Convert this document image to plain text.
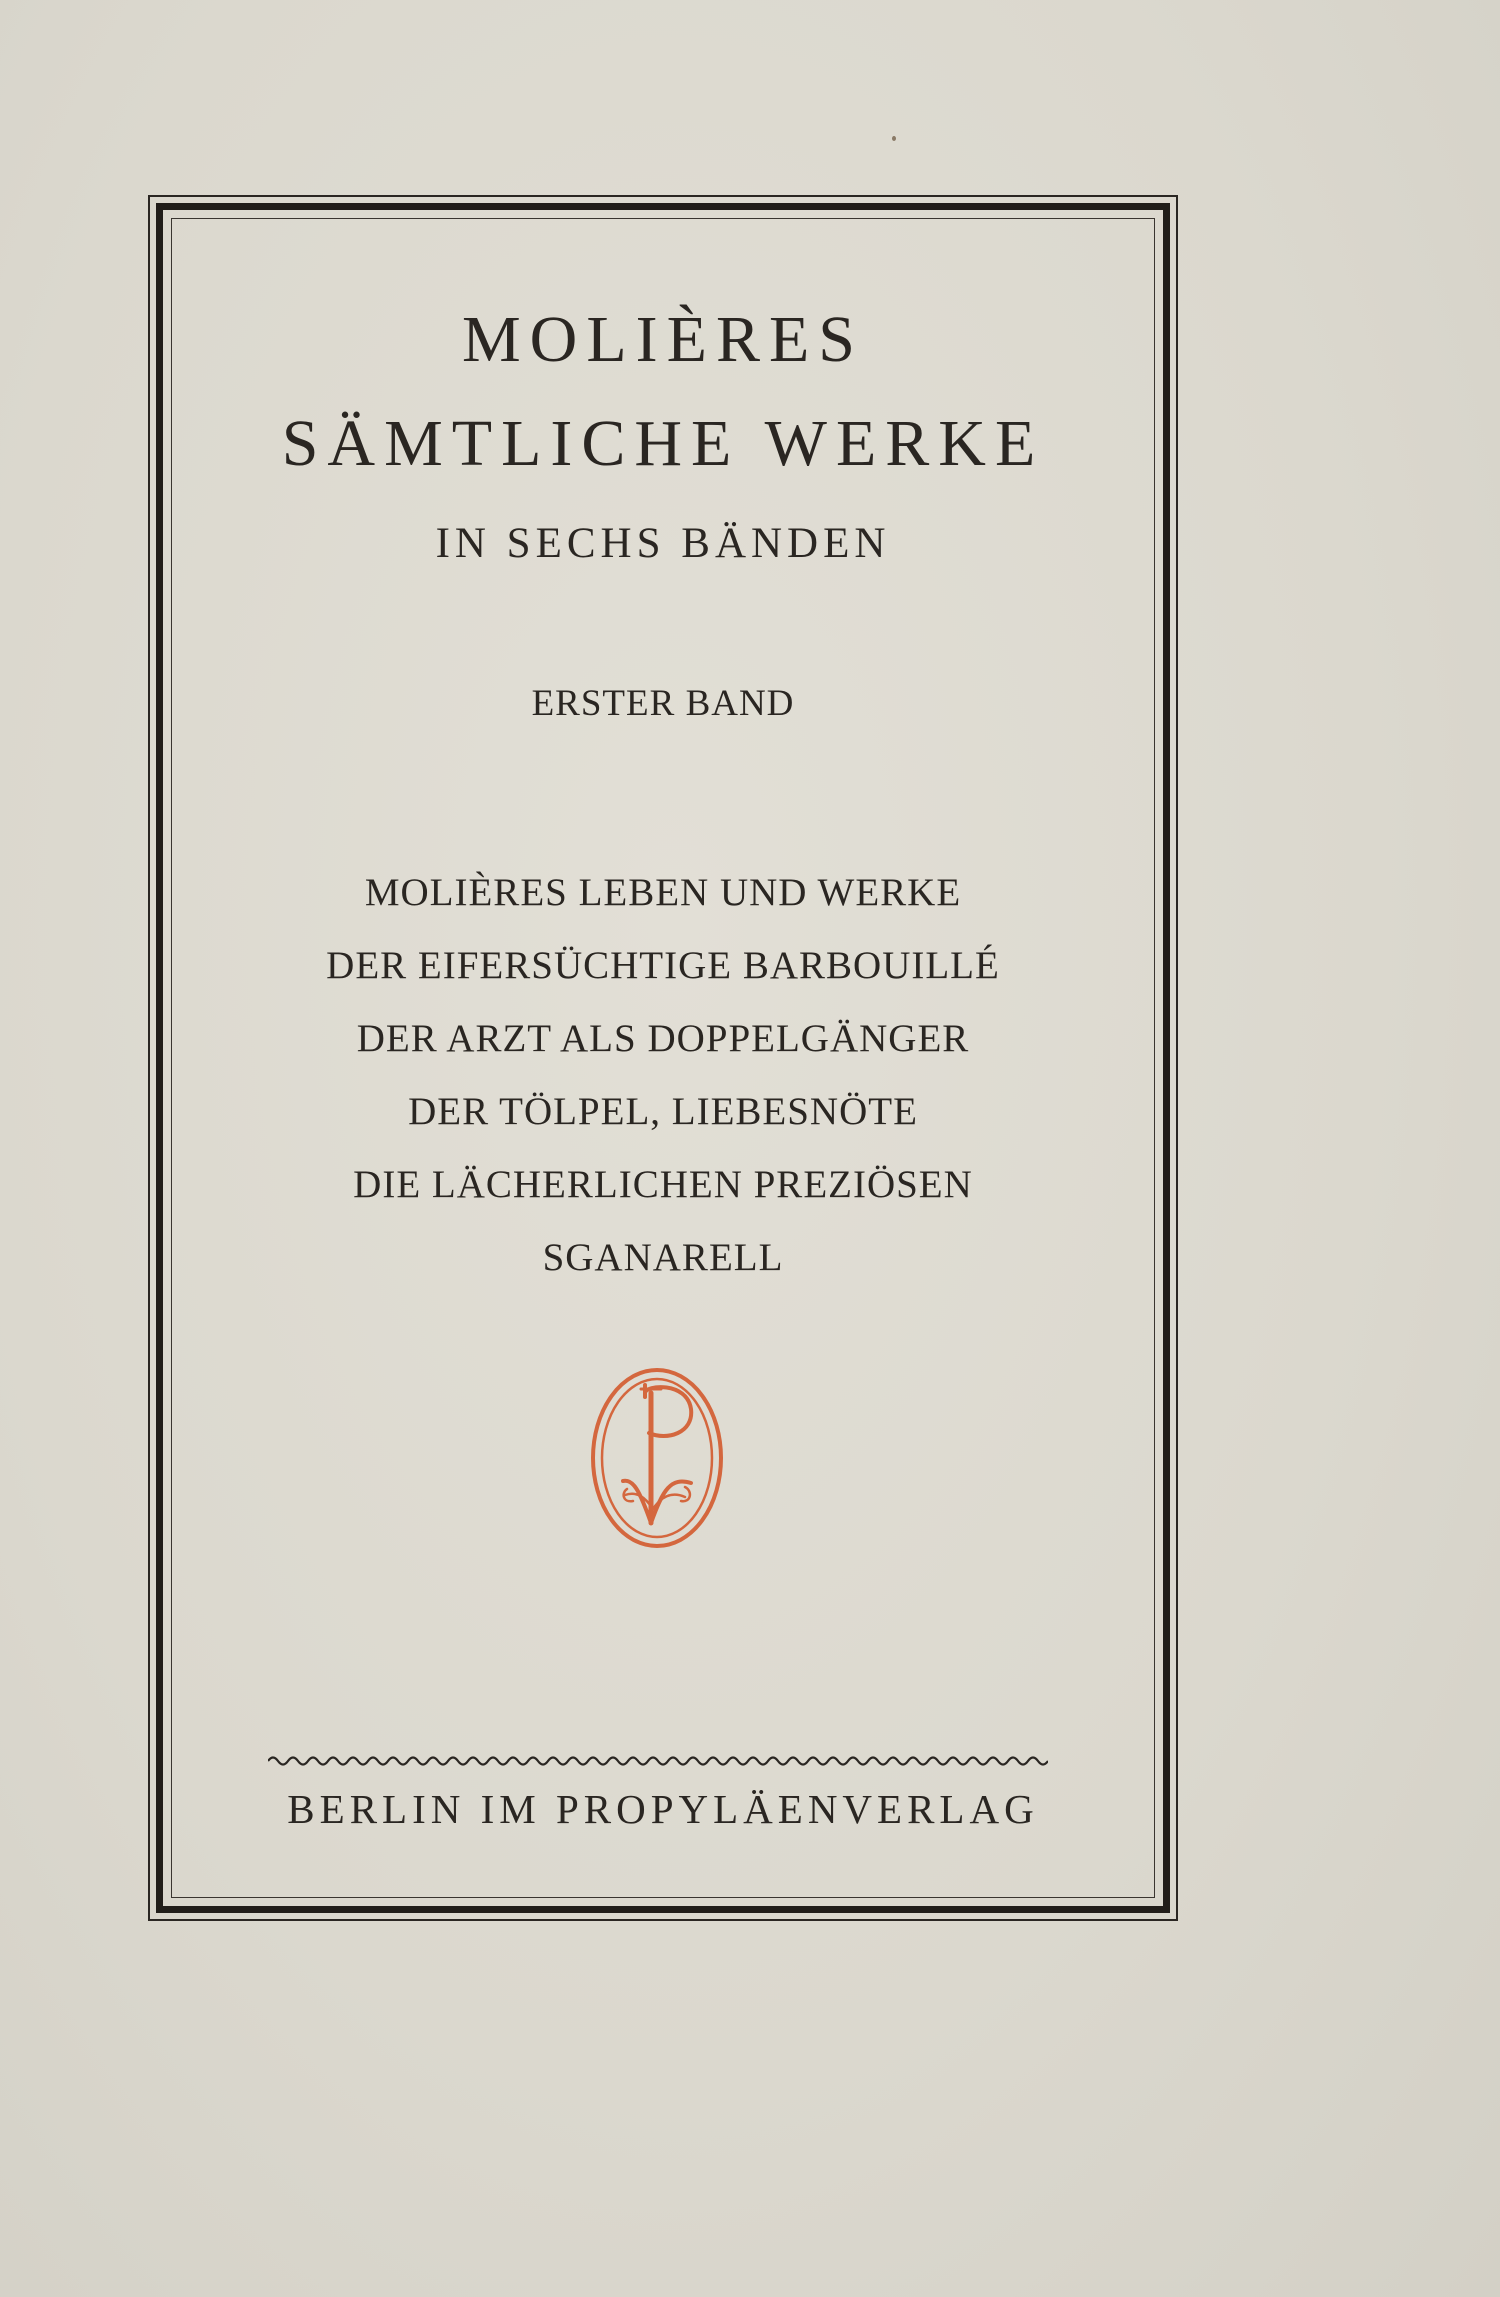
MOLIÈRES
SÄMTLICHE WERKE
IN SECHS BÄNDEN
ERSTER BAND
MOLIÈRES LEBEN UND WERKE
DER EIFERSÜCHTIGE BARBOUILLÉ
DER ARZT ALS DOPPELGÄNGER
DER TÖLPEL, LIEBESNÖTE
DIE LÄCHERLICHEN PREZIÖSEN
SGANARELL
BERLIN IM PROPYLÄENVERLAG
